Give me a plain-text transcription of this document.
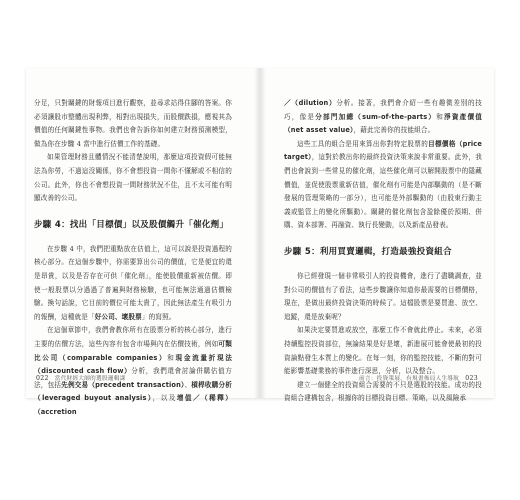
分足，只對關鍵的財報項目進行觀察，並尋求站得住腳的答案。你必須讓股市整體出現利弊，相對出現損失，而股價跌損，應視其為價值的任何關鍵性事物。我們也會告訴你如何建立財務預測模型，做為你在步驟 4 當中進行估價工作的基礎。

如果管理財務且體情況不能清楚說明，那麼這項投資假可能無法為你勞，不過這沒關係，你不會想投資一間你不懂解或不相信的公司。此外，你也不會想投資一間財務狀況不佳，且不太可能有明顯改善的公司。

步驟 4：找出「目標價」以及股價觸升「催化劑」

在步驟 4 中，我們把重點放在估值上，這可以說是投資過程的核心部分。在這個步驟中，你需要算出公司的價值，它是便宜的還是昂貴，以及是否存在可供「催化劑」，能使股價重新被估價。即使一般股票以分過過了普遍與財務檢驗，也可能無法通過估價檢驗。換句話說，它目前的價位可能太貴了，因此無法產生有吸引力的報酬，這種就是「好公司、壞股票」的寫照。

在這個章節中，我們會教你所有在股票分析的核心部分，進行主要的估價方法，這些內容有包含市場與內在估價技術，例如可類比公司（comparable companies）和現金流量折現法（discounted cash flow）分析，我們還會討論併購估值方法，包括先例交易（precedent transaction）、槓桿收購分析（leveraged buyout analysis），以及增值／（稀釋）（accretion

022 當代財經大師的選股邏輯課

／（dilution）分析。接著，我們會介紹一些有趣微差別的技巧，像是分部門加總（sum-of-the-parts）和淨資產價值（net asset value），藉此完善你的技能組合。

這些工具的組合是用來算出你對特定股票的目標價格（price target），這對於教出你的最終投資決策來說非常重要。此外，我們也會說到一些常見的催化劑，這些催化劑可以解開股票中的隱藏價值，並促使股票重新估值，催化劑有可能是內部驅動的（是不斷發展的管理策略的一部分），也可能是外部驅動的（由股東行動主義或監管上的變化所驅動）。關鍵的催化劑包含盈餘優於預期、併購、資本部署、再融資、執行長變動，以及新產品發表。

步驟 5：利用買賣邏輯，打造最強投資組合

你已經發現一個非常吸引人的投資機會，進行了盡職調查，並對公司的價值有了看法，這些步驟讓你知道你最需要的目標價格，現在，是做出最終投資決策的時候了。這檔股票是要買進、放空、追蹤，還是放棄呢？

如果決定要買進或放空，那麼工作不會就此停止。未來，必須持續監控投資部位，無論結果是好是壞，新進展可能會使最初的投資論點發生本質上的變化。在每一刻，你的監控技能，不斷的對可能影響基礎業務的事件進行深思，分析，以及整合。

建立一個健全的投資組合需要的不只是選股的技能。成功的投資組合建構包含，根據你的目標投資目標、策略，以及風險承

前言：投資策展，有規畫佈局人生導航 023
